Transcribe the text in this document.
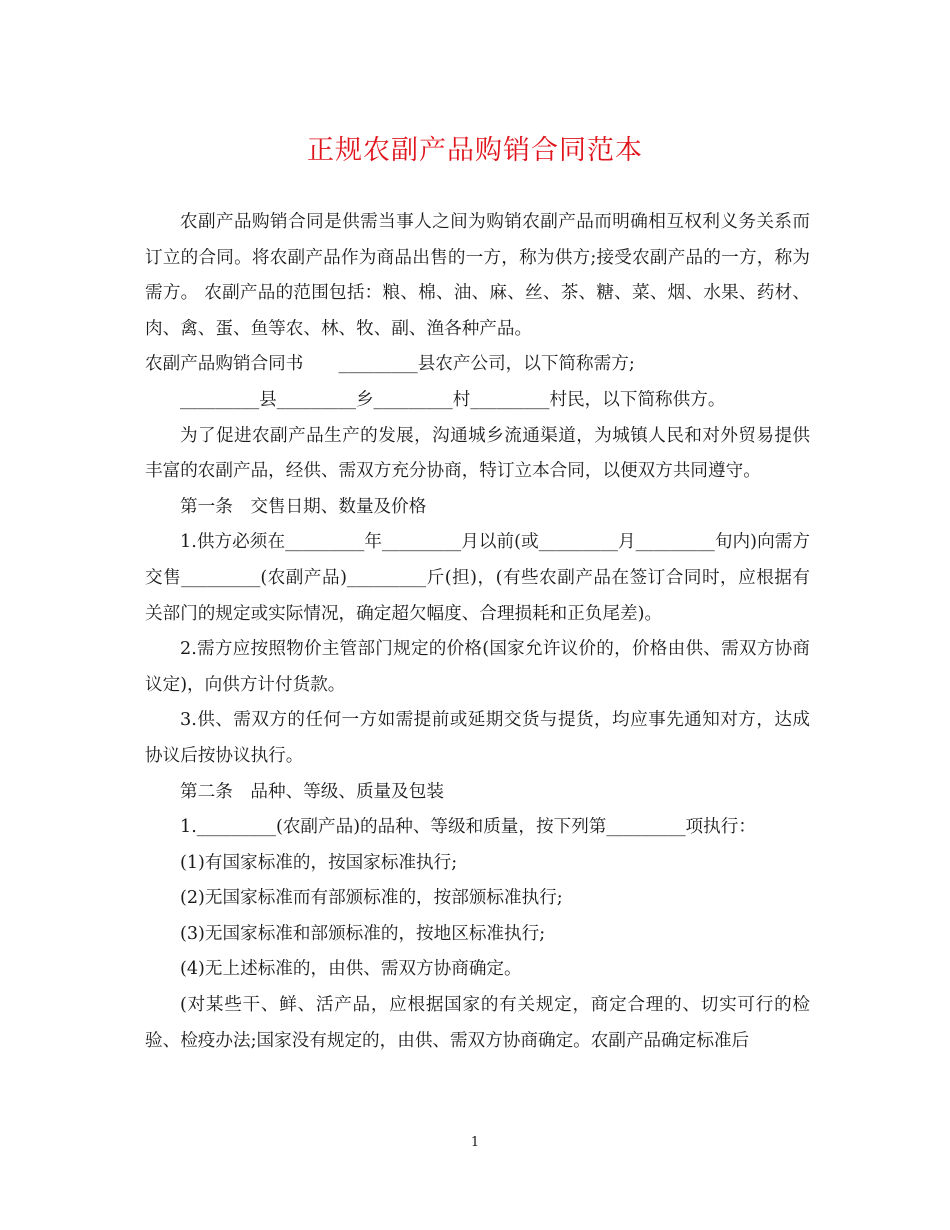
正规农副产品购销合同范本

农副产品购销合同是供需当事人之间为购销农副产品而明确相互权利义务关系而订立的合同。将农副产品作为商品出售的一方，称为供方;接受农副产品的一方，称为需方。 农副产品的范围包括：粮、棉、油、麻、丝、茶、糖、菜、烟、水果、药材、肉、禽、蛋、鱼等农、林、牧、副、渔各种产品。

农副产品购销合同书　　_________县农产公司，以下简称需方;

_________县_________乡_________村_________村民，以下简称供方。

为了促进农副产品生产的发展，沟通城乡流通渠道，为城镇人民和对外贸易提供丰富的农副产品，经供、需双方充分协商，特订立本合同，以便双方共同遵守。

第一条　交售日期、数量及价格

1.供方必须在_________年_________月以前(或_________月_________旬内)向需方交售_________(农副产品)_________斤(担)，(有些农副产品在签订合同时，应根据有关部门的规定或实际情况，确定超欠幅度、合理损耗和正负尾差)。

2.需方应按照物价主管部门规定的价格(国家允许议价的，价格由供、需双方协商议定)，向供方计付货款。

3.供、需双方的任何一方如需提前或延期交货与提货，均应事先通知对方，达成协议后按协议执行。

第二条　品种、等级、质量及包装

1._________(农副产品)的品种、等级和质量，按下列第_________项执行：

(1)有国家标准的，按国家标准执行;

(2)无国家标准而有部颁标准的，按部颁标准执行;

(3)无国家标准和部颁标准的，按地区标准执行;

(4)无上述标准的，由供、需双方协商确定。

(对某些干、鲜、活产品，应根据国家的有关规定，商定合理的、切实可行的检验、检疫办法;国家没有规定的，由供、需双方协商确定。农副产品确定标准后

1
